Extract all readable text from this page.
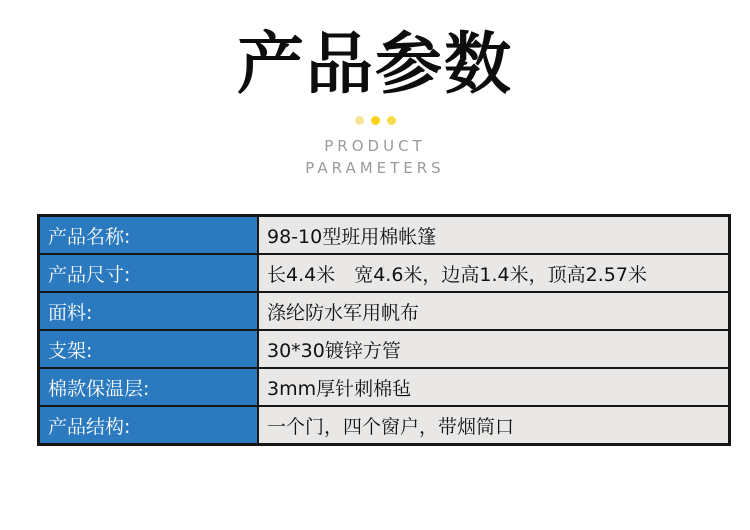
产品参数
PRODUCT
PARAMETERS
产品名称:	98-10型班用棉帐篷
产品尺寸:	长4.4米　宽4.6米，边高1.4米，顶高2.57米
面料:	涤纶防水军用帆布
支架:	30*30镀锌方管
棉款保温层:	3mm厚针刺棉毡
产品结构:	一个门，四个窗户，带烟筒口
